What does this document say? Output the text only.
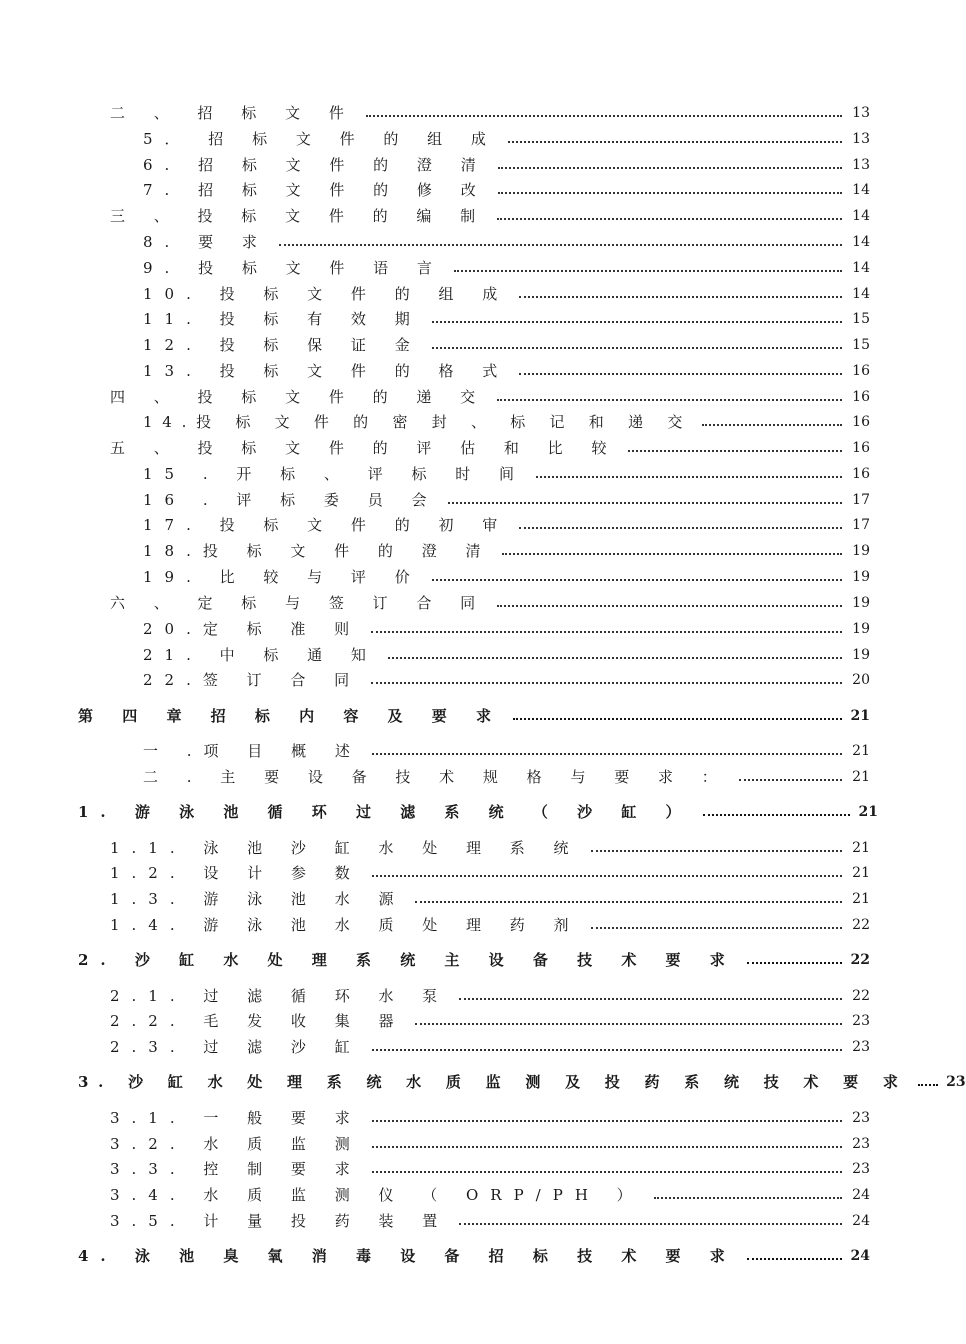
二 、 招 标 文 件	13
5． 招 标 文 件 的 组 成	13
6. 招 标 文 件 的 澄 清	13
7. 招 标 文 件 的 修 改	14
三 、 投 标 文 件 的 编 制	14
8. 要 求	14
9. 投 标 文 件 语 言	14
10. 投 标 文 件 的 组 成	14
11. 投 标 有 效 期	15
12. 投 标 保 证 金	15
13. 投 标 文 件 的 格 式	16
四 、 投 标 文 件 的 递 交	16
14.投 标 文 件 的 密 封 、 标 记 和 递 交	16
五 、 投 标 文 件 的 评 估 和 比 较	16
15 . 开 标 、 评 标 时 间	16
16 . 评 标 委 员 会	17
17. 投 标 文 件 的 初 审	17
18.投 标 文 件 的 澄 清	19
19. 比 较 与 评 价	19
六 、 定 标 与 签 订 合 同	19
20.定 标 准 则	19
21. 中 标 通 知	19
22.签 订 合 同	20
第 四 章 招 标 内 容 及 要 求	21
一 .项 目 概 述	21
二 . 主 要 设 备 技 术 规 格 与 要 求 ：	21
1. 游 泳 池 循 环 过 滤 系 统 （ 沙 缸 ）	21
1.1. 泳 池 沙 缸 水 处 理 系 统	21
1.2. 设 计 参 数	21
1.3. 游 泳 池 水 源	21
1.4. 游 泳 池 水 质 处 理 药 剂	22
2. 沙 缸 水 处 理 系 统 主 设 备 技 术 要 求	22
2.1. 过 滤 循 环 水 泵	22
2.2. 毛 发 收 集 器	23
2.3. 过 滤 沙 缸	23
3. 沙 缸 水 处 理 系 统 水 质 监 测 及 投 药 系 统 技 术 要 求	23
3.1. 一 般 要 求	23
3.2. 水 质 监 测	23
3.3. 控 制 要 求	23
3.4. 水 质 监 测 仪 （ ORP/PH ）	24
3.5. 计 量 投 药 装 置	24
4. 泳 池 臭 氧 消 毒 设 备 招 标 技 术 要 求	24
